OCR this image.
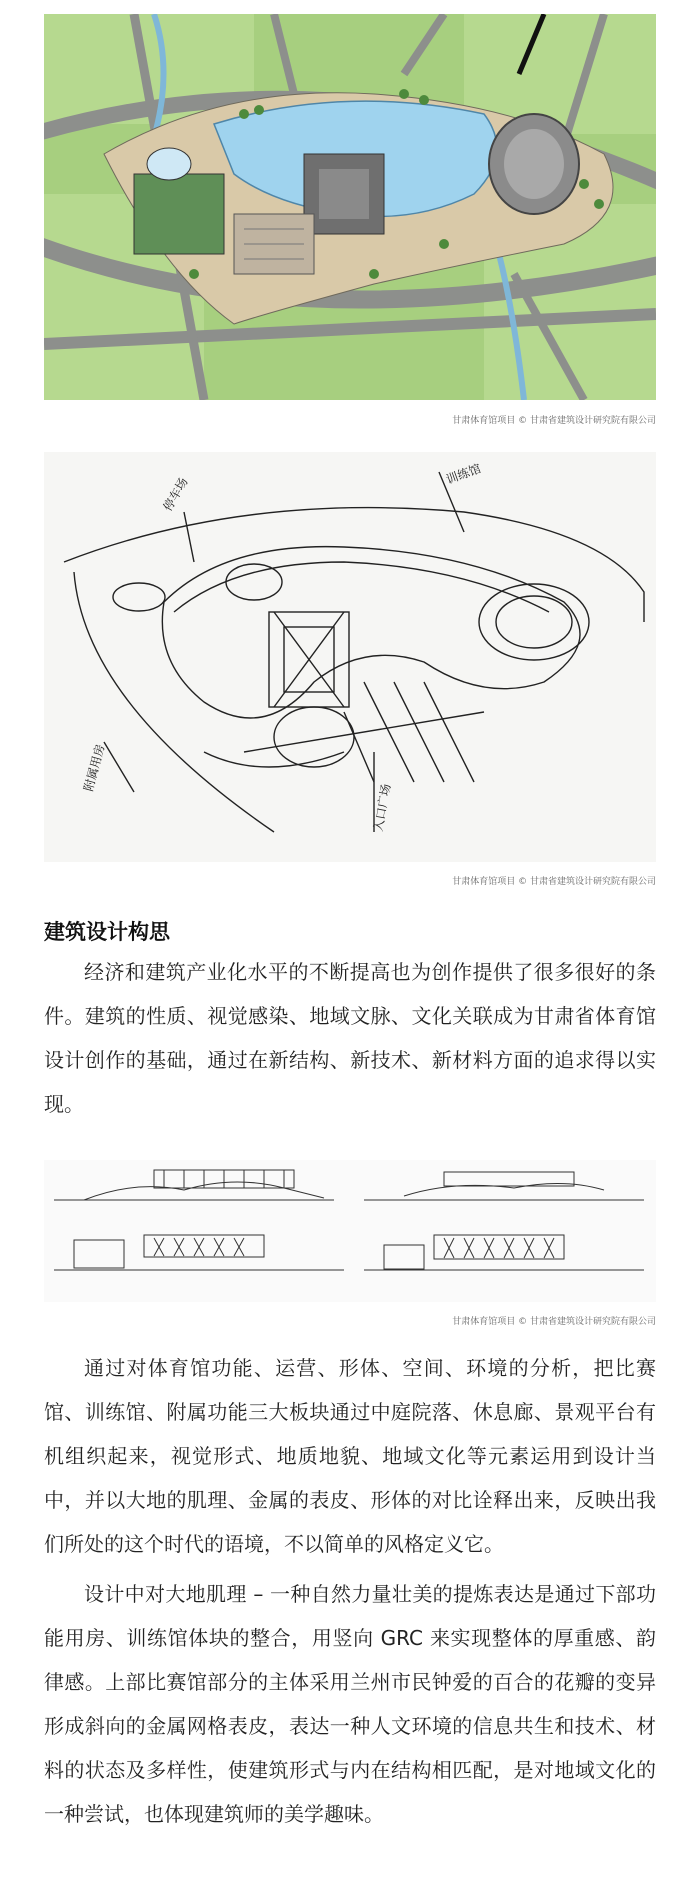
甘肃体育馆项目 © 甘肃省建筑设计研究院有限公司
停车场
训练馆
附属用房
入口广场
甘肃体育馆项目 © 甘肃省建筑设计研究院有限公司
建筑设计构思

经济和建筑产业化水平的不断提高也为创作提供了很多很好的条件。建筑的性质、视觉感染、地域文脉、文化关联成为甘肃省体育馆设计创作的基础，通过在新结构、新技术、新材料方面的追求得以实现。

甘肃体育馆项目 © 甘肃省建筑设计研究院有限公司

通过对体育馆功能、运营、形体、空间、环境的分析，把比赛馆、训练馆、附属功能三大板块通过中庭院落、休息廊、景观平台有机组织起来，视觉形式、地质地貌、地域文化等元素运用到设计当中，并以大地的肌理、金属的表皮、形体的对比诠释出来，反映出我们所处的这个时代的语境，不以简单的风格定义它。

设计中对大地肌理 – 一种自然力量壮美的提炼表达是通过下部功能用房、训练馆体块的整合，用竖向 GRC 来实现整体的厚重感、韵律感。上部比赛馆部分的主体采用兰州市民钟爱的百合的花瓣的变异形成斜向的金属网格表皮，表达一种人文环境的信息共生和技术、材料的状态及多样性，使建筑形式与内在结构相匹配，是对地域文化的一种尝试，也体现建筑师的美学趣味。
